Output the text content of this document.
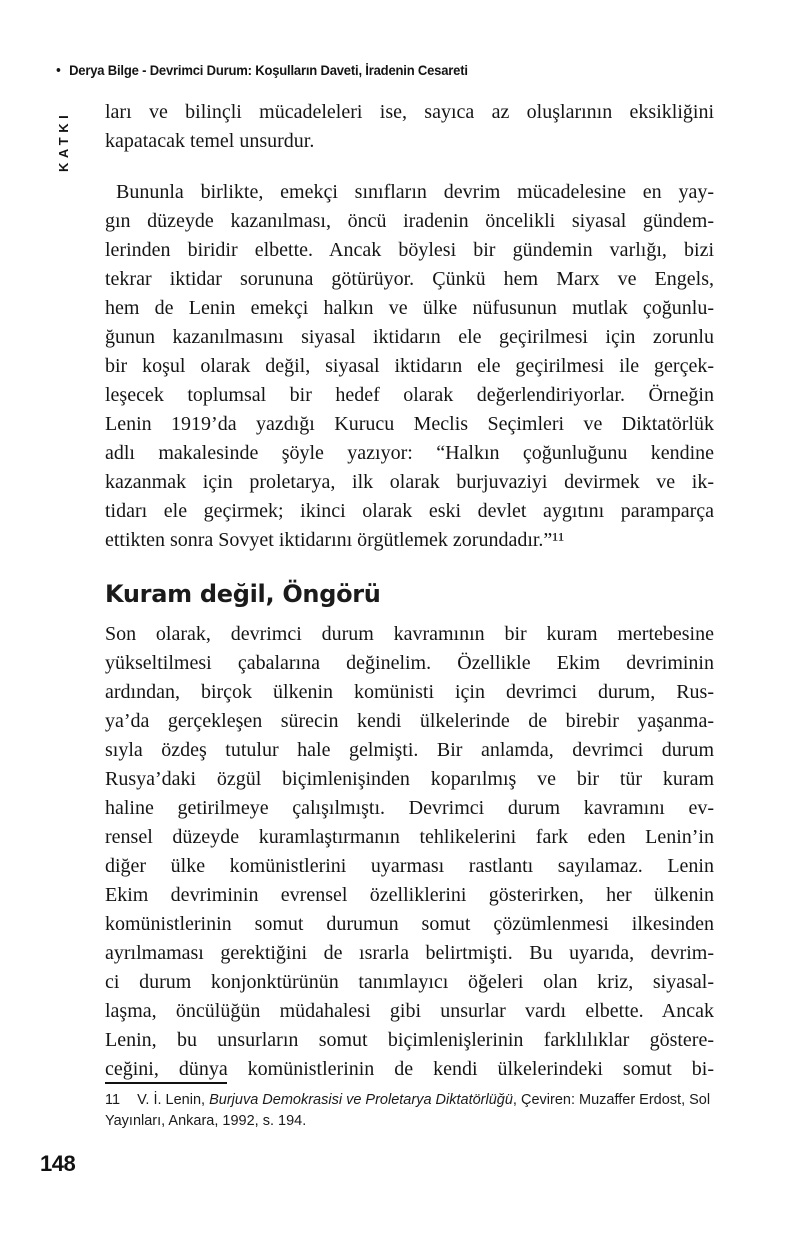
• Derya Bilge - Devrimci Durum: Koşulların Daveti, İradenin Cesareti
KATKI ları ve bilinçli mücadeleleri ise, sayıca az oluşlarının eksikliğini
kapatacak temel unsurdur.
Bununla birlikte, emekçi sınıfların devrim mücadelesine en yay-
gın düzeyde kazanılması, öncü iradenin öncelikli siyasal gündem-
lerinden biridir elbette. Ancak böylesi bir gündemin varlığı, bizi
tekrar iktidar sorununa götürüyor. Çünkü hem Marx ve Engels,
hem de Lenin emekçi halkın ve ülke nüfusunun mutlak çoğunlu-
ğunun kazanılmasını siyasal iktidarın ele geçirilmesi için zorunlu
bir koşul olarak değil, siyasal iktidarın ele geçirilmesi ile gerçek-
leşecek toplumsal bir hedef olarak değerlendiriyorlar. Örneğin
Lenin 1919’da yazdığı Kurucu Meclis Seçimleri ve Diktatörlük
adlı makalesinde şöyle yazıyor: “Halkın çoğunluğunu kendine
kazanmak için proletarya, ilk olarak burjuvaziyi devirmek ve ik-
tidarı ele geçirmek; ikinci olarak eski devlet aygıtını paramparça
ettikten sonra Sovyet iktidarını örgütlemek zorundadır.”¹¹
Kuram değil, Öngörü
Son olarak, devrimci durum kavramının bir kuram mertebesine
yükseltilmesi çabalarına değinelim. Özellikle Ekim devriminin
ardından, birçok ülkenin komünisti için devrimci durum, Rus-
ya’da gerçekleşen sürecin kendi ülkelerinde de birebir yaşanma-
sıyla özdeş tutulur hale gelmişti. Bir anlamda, devrimci durum
Rusya’daki özgül biçimlenişinden koparılmış ve bir tür kuram
haline getirilmeye çalışılmıştı. Devrimci durum kavramını ev-
rensel düzeyde kuramlaştırmanın tehlikelerini fark eden Lenin’in
diğer ülke komünistlerini uyarması rastlantı sayılamaz. Lenin
Ekim devriminin evrensel özelliklerini gösterirken, her ülkenin
komünistlerinin somut durumun somut çözümlenmesi ilkesinden
ayrılmaması gerektiğini de ısrarla belirtmişti. Bu uyarıda, devrim-
ci durum konjonktürünün tanımlayıcı öğeleri olan kriz, siyasal-
laşma, öncülüğün müdahalesi gibi unsurlar vardı elbette. Ancak
Lenin, bu unsurların somut biçimlenişlerinin farklılıklar göstere-
ceğini, dünya komünistlerinin de kendi ülkelerindeki somut bi-

11 V. İ. Lenin, Burjuva Demokrasisi ve Proletarya Diktatörlüğü, Çeviren: Muzaffer Erdost, Sol Yayınları, Ankara, 1992, s. 194.

148
